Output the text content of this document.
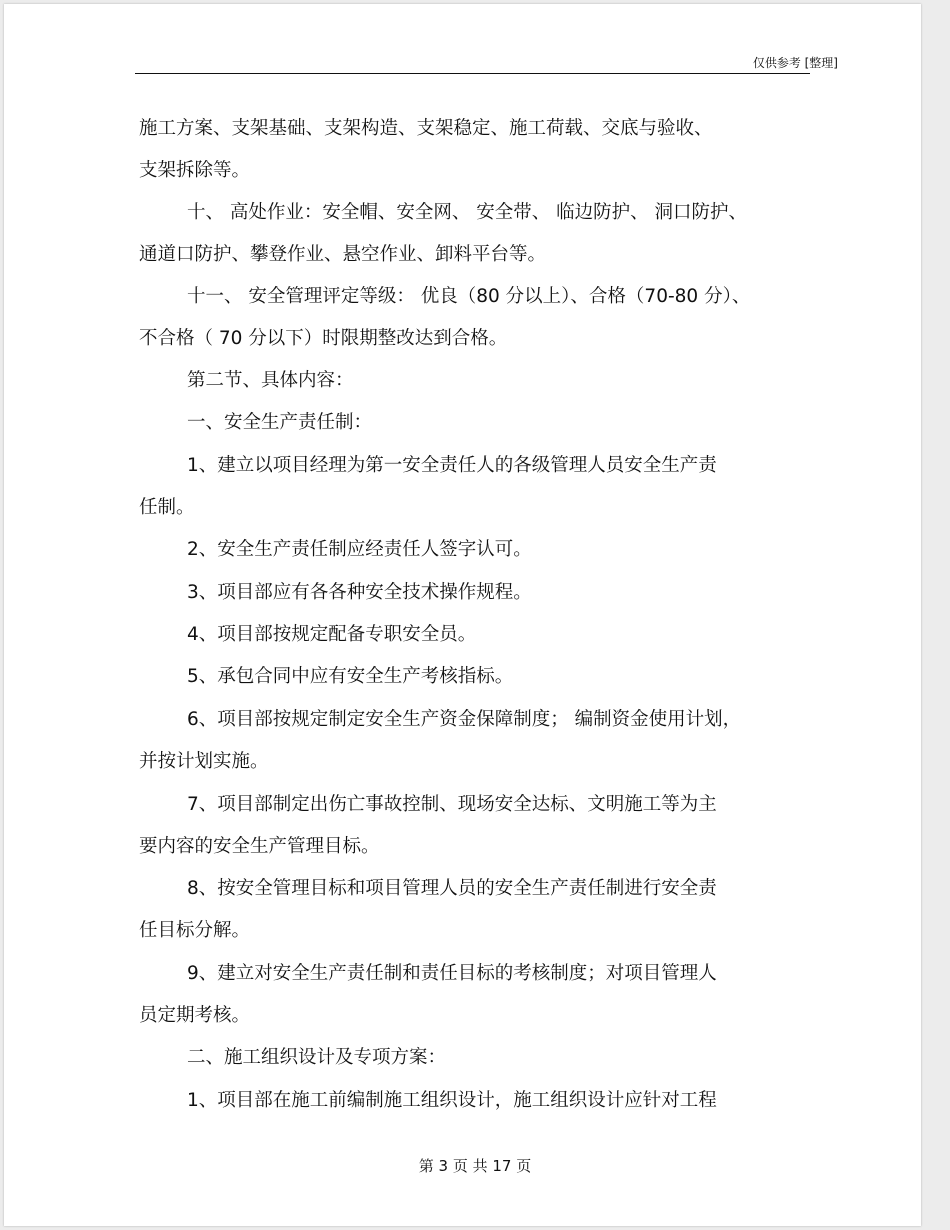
仅供参考 [整理]
施工方案、支架基础、支架构造、支架稳定、施工荷载、交底与验收、
支架拆除等。
十、 高处作业：安全帽、安全网、 安全带、 临边防护、 洞口防护、
通道口防护、攀登作业、悬空作业、卸料平台等。
十一、 安全管理评定等级： 优良（80 分以上）、合格（70-80 分）、
不合格（ 70 分以下）时限期整改达到合格。
第二节、具体内容：
一、安全生产责任制：
1、建立以项目经理为第一安全责任人的各级管理人员安全生产责
任制。
2、安全生产责任制应经责任人签字认可。
3、项目部应有各各种安全技术操作规程。
4、项目部按规定配备专职安全员。
5、承包合同中应有安全生产考核指标。
6、项目部按规定制定安全生产资金保障制度； 编制资金使用计划，
并按计划实施。
7、项目部制定出伤亡事故控制、现场安全达标、文明施工等为主
要内容的安全生产管理目标。
8、按安全管理目标和项目管理人员的安全生产责任制进行安全责
任目标分解。
9、建立对安全生产责任制和责任目标的考核制度；对项目管理人
员定期考核。
二、施工组织设计及专项方案：
1、项目部在施工前编制施工组织设计，施工组织设计应针对工程
第 3 页 共 17 页
